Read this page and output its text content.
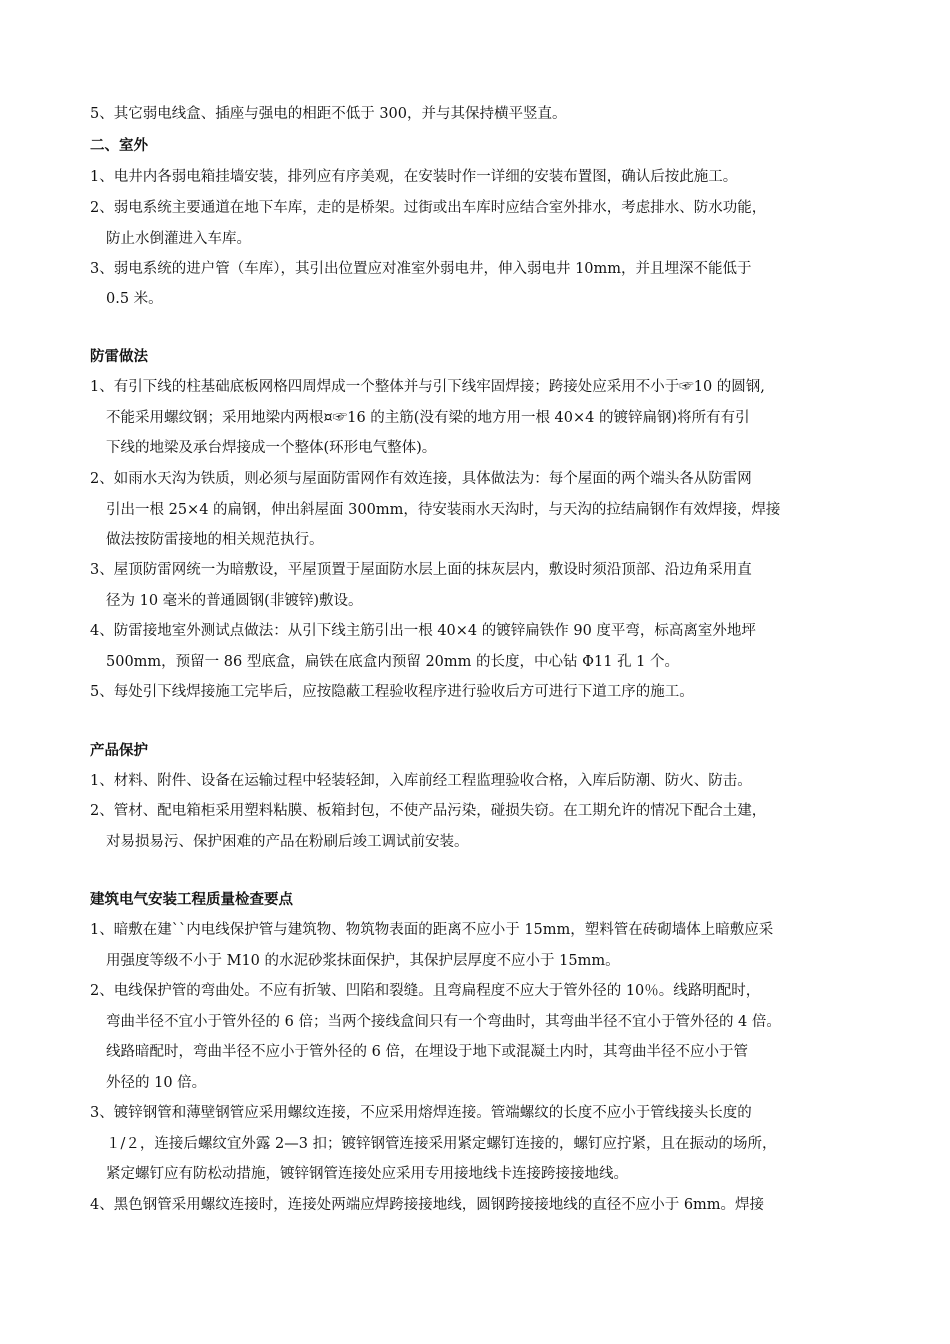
5、其它弱电线盒、插座与强电的相距不低于 300，并与其保持横平竖直。
二、室外
1、电井内各弱电箱挂墙安装，排列应有序美观，在安装时作一详细的安装布置图，确认后按此施工。
2、弱电系统主要通道在地下车库，走的是桥架。过街或出车库时应结合室外排水，考虑排水、防水功能，
防止水倒灌进入车库。
3、弱电系统的进户管（车库），其引出位置应对准室外弱电井，伸入弱电井 10mm，并且埋深不能低于
0.5 米。
防雷做法
1、有引下线的柱基础底板网格四周焊成一个整体并与引下线牢固焊接；跨接处应采用不小于☞10 的圆钢,
不能采用螺纹钢；采用地梁内两根¤☞16 的主筋(没有梁的地方用一根 40×4 的镀锌扁钢)将所有有引
下线的地梁及承台焊接成一个整体(环形电气整体)。
2、如雨水天沟为铁质，则必须与屋面防雷网作有效连接，具体做法为：每个屋面的两个端头各从防雷网
引出一根 25×4 的扁钢，伸出斜屋面 300mm，待安装雨水天沟时，与天沟的拉结扁钢作有效焊接，焊接
做法按防雷接地的相关规范执行。
3、屋顶防雷网统一为暗敷设，平屋顶置于屋面防水层上面的抹灰层内，敷设时须沿顶部、沿边角采用直
径为 10 毫米的普通圆钢(非镀锌)敷设。
4、防雷接地室外测试点做法：从引下线主筋引出一根 40×4 的镀锌扁铁作 90 度平弯，标高离室外地坪
500mm，预留一 86 型底盒，扁铁在底盒内预留 20mm 的长度，中心钻 Φ11 孔 1 个。
5、每处引下线焊接施工完毕后，应按隐蔽工程验收程序进行验收后方可进行下道工序的施工。
产品保护
1、材料、附件、设备在运输过程中轻装轻卸，入库前经工程监理验收合格，入库后防潮、防火、防击。
2、管材、配电箱柜采用塑料粘膜、板箱封包，不使产品污染，碰损失窃。在工期允许的情况下配合土建，
对易损易污、保护困难的产品在粉刷后竣工调试前安装。
建筑电气安装工程质量检查要点
1、暗敷在建``内电线保护管与建筑物、物筑物表面的距离不应小于 15mm，塑料管在砖砌墙体上暗敷应采
用强度等级不小于 M10 的水泥砂浆抹面保护，其保护层厚度不应小于 15mm。
2、电线保护管的弯曲处。不应有折皱、凹陷和裂缝。且弯扁程度不应大于管外径的 10％。线路明配时，
弯曲半径不宜小于管外径的 6 倍；当两个接线盒间只有一个弯曲时，其弯曲半径不宜小于管外径的 4 倍。
线路暗配时，弯曲半径不应小于管外径的 6 倍，在埋设于地下或混凝土内时，其弯曲半径不应小于管
外径的 10 倍。
3、镀锌钢管和薄壁钢管应采用螺纹连接，不应采用熔焊连接。管端螺纹的长度不应小于管线接头长度的
１/２，连接后螺纹宜外露 2—3 扣；镀锌钢管连接采用紧定螺钉连接的，螺钉应拧紧，且在振动的场所，
紧定螺钉应有防松动措施，镀锌钢管连接处应采用专用接地线卡连接跨接接地线。
4、黑色钢管采用螺纹连接时，连接处两端应焊跨接接地线，圆钢跨接接地线的直径不应小于 6mm。焊接
